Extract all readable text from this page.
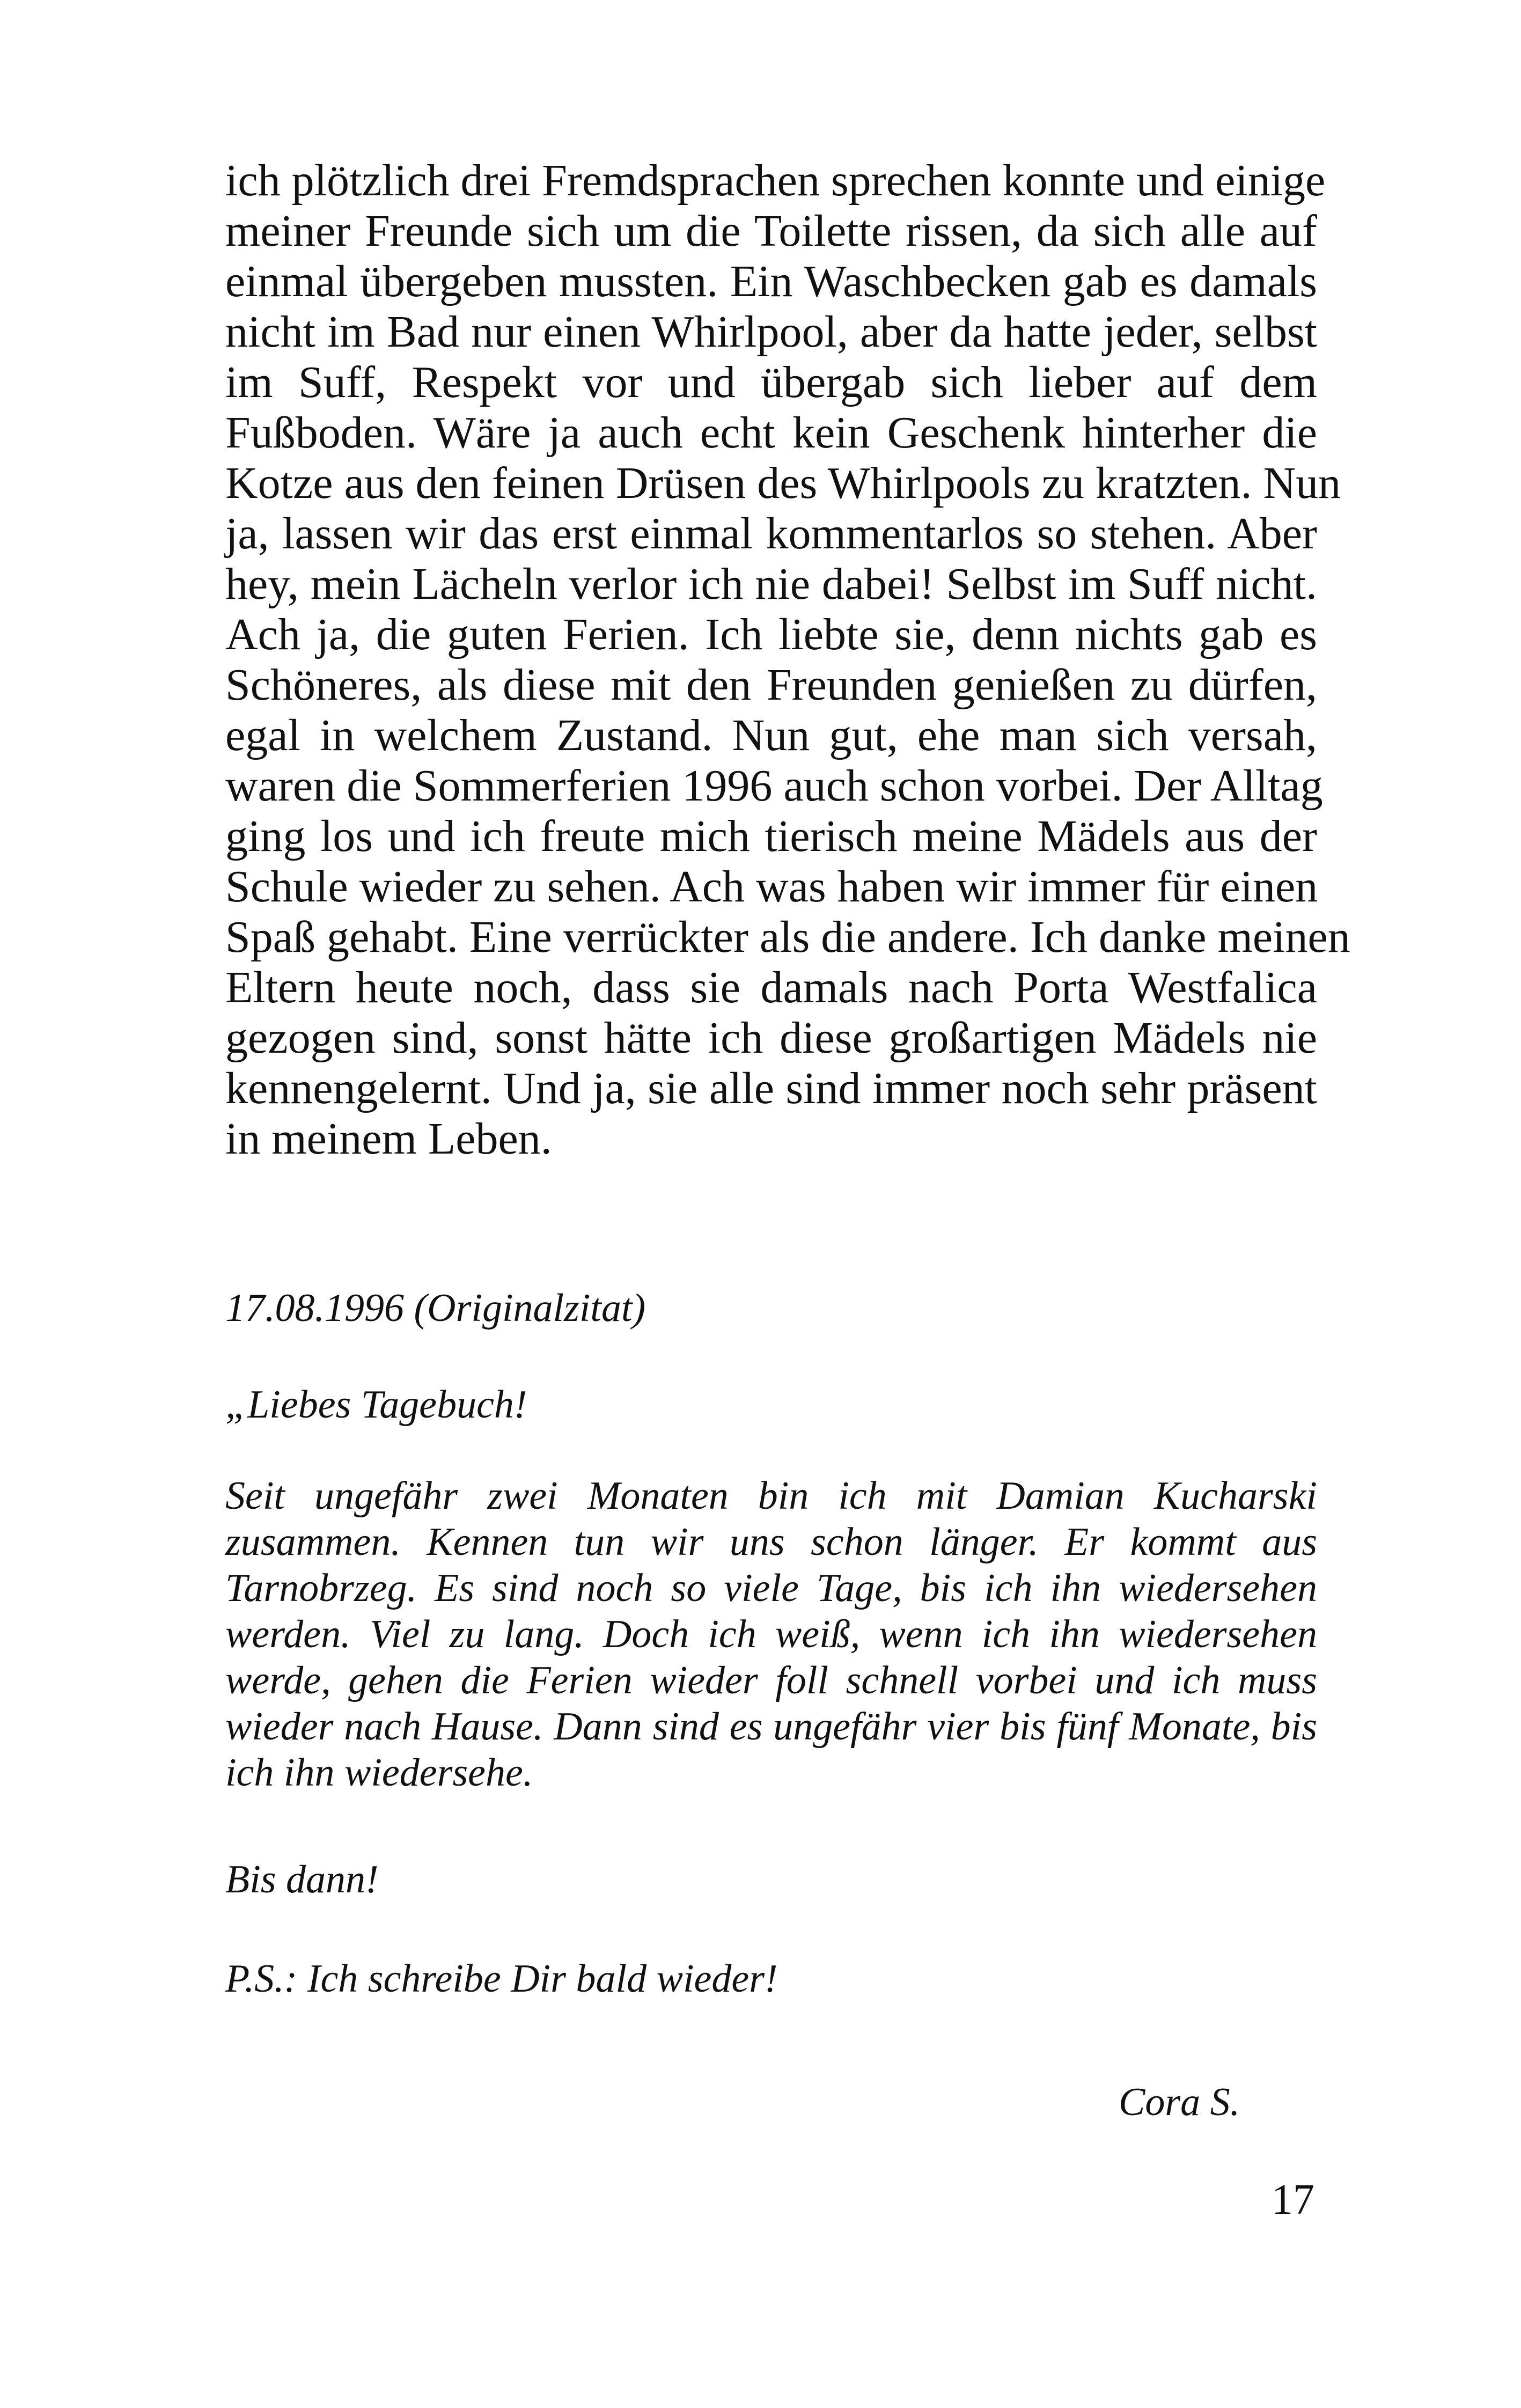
ich plötzlich drei Fremdsprachen sprechen konnte und einige
meiner Freunde sich um die Toilette rissen, da sich alle auf
einmal übergeben mussten. Ein Waschbecken gab es damals
nicht im Bad nur einen Whirlpool, aber da hatte jeder, selbst
im Suff, Respekt vor und übergab sich lieber auf dem
Fußboden. Wäre ja auch echt kein Geschenk hinterher die
Kotze aus den feinen Drüsen des Whirlpools zu kratzten. Nun
ja, lassen wir das erst einmal kommentarlos so stehen. Aber
hey, mein Lächeln verlor ich nie dabei! Selbst im Suff nicht.
Ach ja, die guten Ferien. Ich liebte sie, denn nichts gab es
Schöneres, als diese mit den Freunden genießen zu dürfen,
egal in welchem Zustand. Nun gut, ehe man sich versah,
waren die Sommerferien 1996 auch schon vorbei. Der Alltag
ging los und ich freute mich tierisch meine Mädels aus der
Schule wieder zu sehen. Ach was haben wir immer für einen
Spaß gehabt. Eine verrückter als die andere. Ich danke meinen
Eltern heute noch, dass sie damals nach Porta Westfalica
gezogen sind, sonst hätte ich diese großartigen Mädels nie
kennengelernt. Und ja, sie alle sind immer noch sehr präsent
in meinem Leben.

17.08.1996 (Originalzitat)

„Liebes Tagebuch!

Seit ungefähr zwei Monaten bin ich mit Damian Kucharski
zusammen. Kennen tun wir uns schon länger. Er kommt aus
Tarnobrzeg. Es sind noch so viele Tage, bis ich ihn wiedersehen
werden. Viel zu lang. Doch ich weiß, wenn ich ihn wiedersehen
werde, gehen die Ferien wieder foll schnell vorbei und ich muss
wieder nach Hause. Dann sind es ungefähr vier bis fünf Monate, bis
ich ihn wiedersehe.

Bis dann!

P.S.: Ich schreibe Dir bald wieder!

Cora S.

17
